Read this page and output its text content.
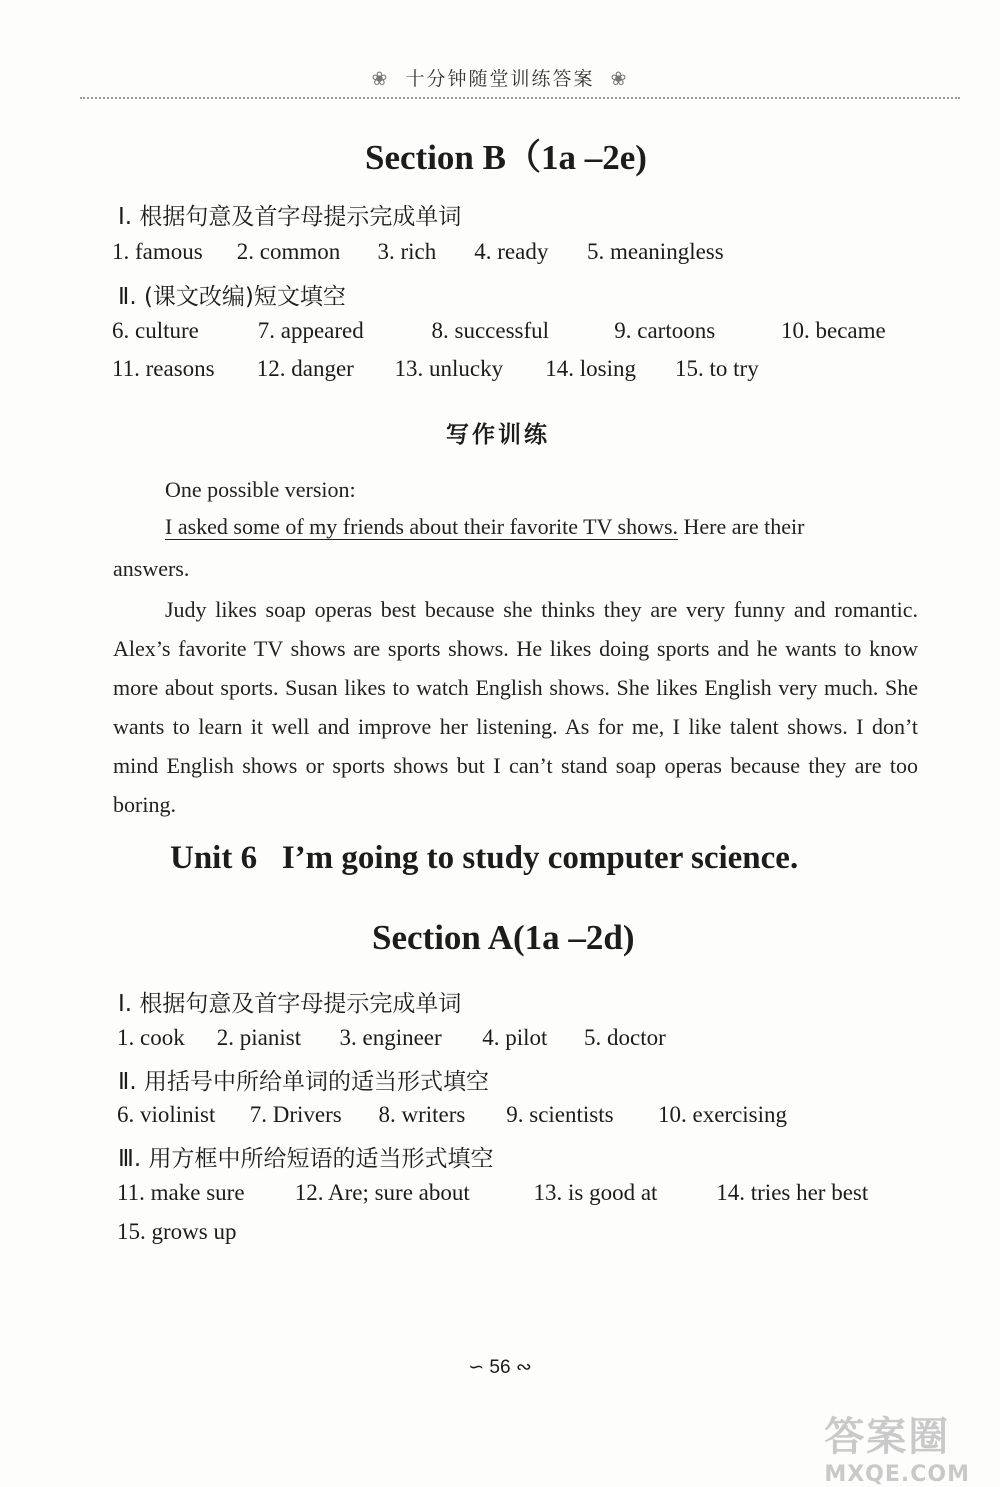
❀ 十分钟随堂训练答案 ❀
Section B（1a –2e)
Ⅰ. 根据句意及首字母提示完成单词
1. famous 2. common 3. rich 4. ready 5. meaningless
Ⅱ. (课文改编)短文填空
6. culture	7. appeared	8. successful	9. cartoons	10. became
11. reasons 12. danger 13. unlucky 14. losing 15. to try
写作训练
One possible version:
I asked some of my friends about their favorite TV shows. Here are their
answers.
Judy likes soap operas best because she thinks they are very funny and romantic. Alex’s favorite TV shows are sports shows. He likes doing sports and he wants to know more about sports. Susan likes to watch English shows. She likes English very much. She wants to learn it well and improve her listening. As for me, I like talent shows. I don’t mind English shows or sports shows but I can’t stand soap operas because they are too boring.
Unit 6   I’m going to study computer science.
Section A(1a –2d)
Ⅰ. 根据句意及首字母提示完成单词
1. cook 2. pianist 3. engineer 4. pilot 5. doctor
Ⅱ. 用括号中所给单词的适当形式填空
6. violinist 7. Drivers 8. writers 9. scientists 10. exercising
Ⅲ. 用方框中所给短语的适当形式填空
11. make sure 12. Are; sure about	13. is good at	14. tries her best
15. grows up
∽ 56 ∾
答案圈
MXQE.COM
